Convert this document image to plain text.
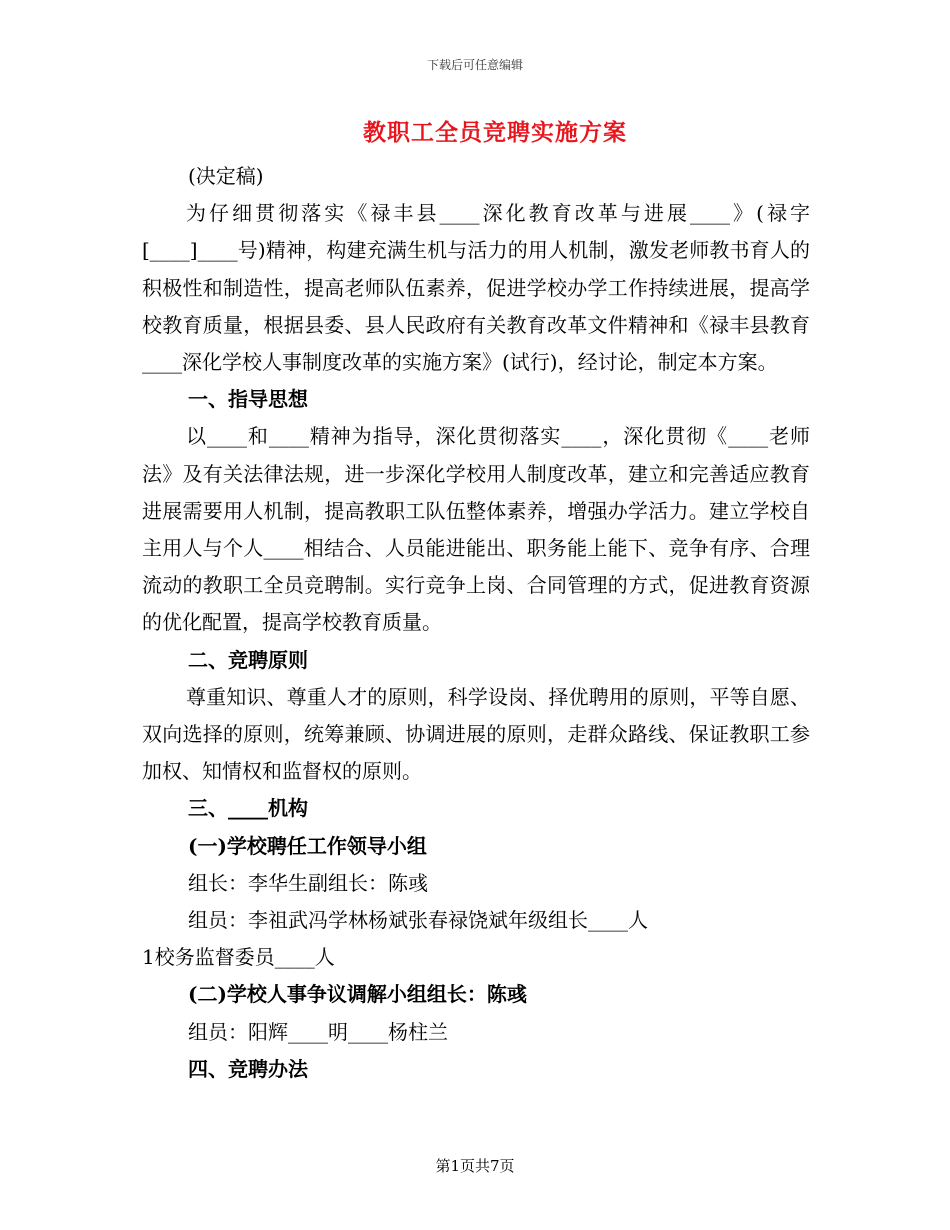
下载后可任意编辑
教职工全员竞聘实施方案

(决定稿)

为仔细贯彻落实《禄丰县____深化教育改革与进展____》(禄字[____]____号)精神，构建充满生机与活力的用人机制，激发老师教书育人的积极性和制造性，提高老师队伍素养，促进学校办学工作持续进展，提高学校教育质量，根据县委、县人民政府有关教育改革文件精神和《禄丰县教育____深化学校人事制度改革的实施方案》(试行)，经讨论，制定本方案。

一、指导思想

以____和____精神为指导，深化贯彻落实____，深化贯彻《____老师法》及有关法律法规，进一步深化学校用人制度改革，建立和完善适应教育进展需要用人机制，提高教职工队伍整体素养，增强办学活力。建立学校自主用人与个人____相结合、人员能进能出、职务能上能下、竞争有序、合理流动的教职工全员竞聘制。实行竞争上岗、合同管理的方式，促进教育资源的优化配置，提高学校教育质量。

二、竞聘原则

尊重知识、尊重人才的原则，科学设岗、择优聘用的原则，平等自愿、双向选择的原则，统筹兼顾、协调进展的原则，走群众路线、保证教职工参加权、知情权和监督权的原则。

三、____机构

(一)学校聘任工作领导小组

组长：李华生副组长：陈彧

组员：李祖武冯学林杨斌张春禄饶斌年级组长____人

1校务监督委员____人

(二)学校人事争议调解小组组长：陈彧

组员：阳辉____明____杨柱兰

四、竞聘办法

第1页共7页
